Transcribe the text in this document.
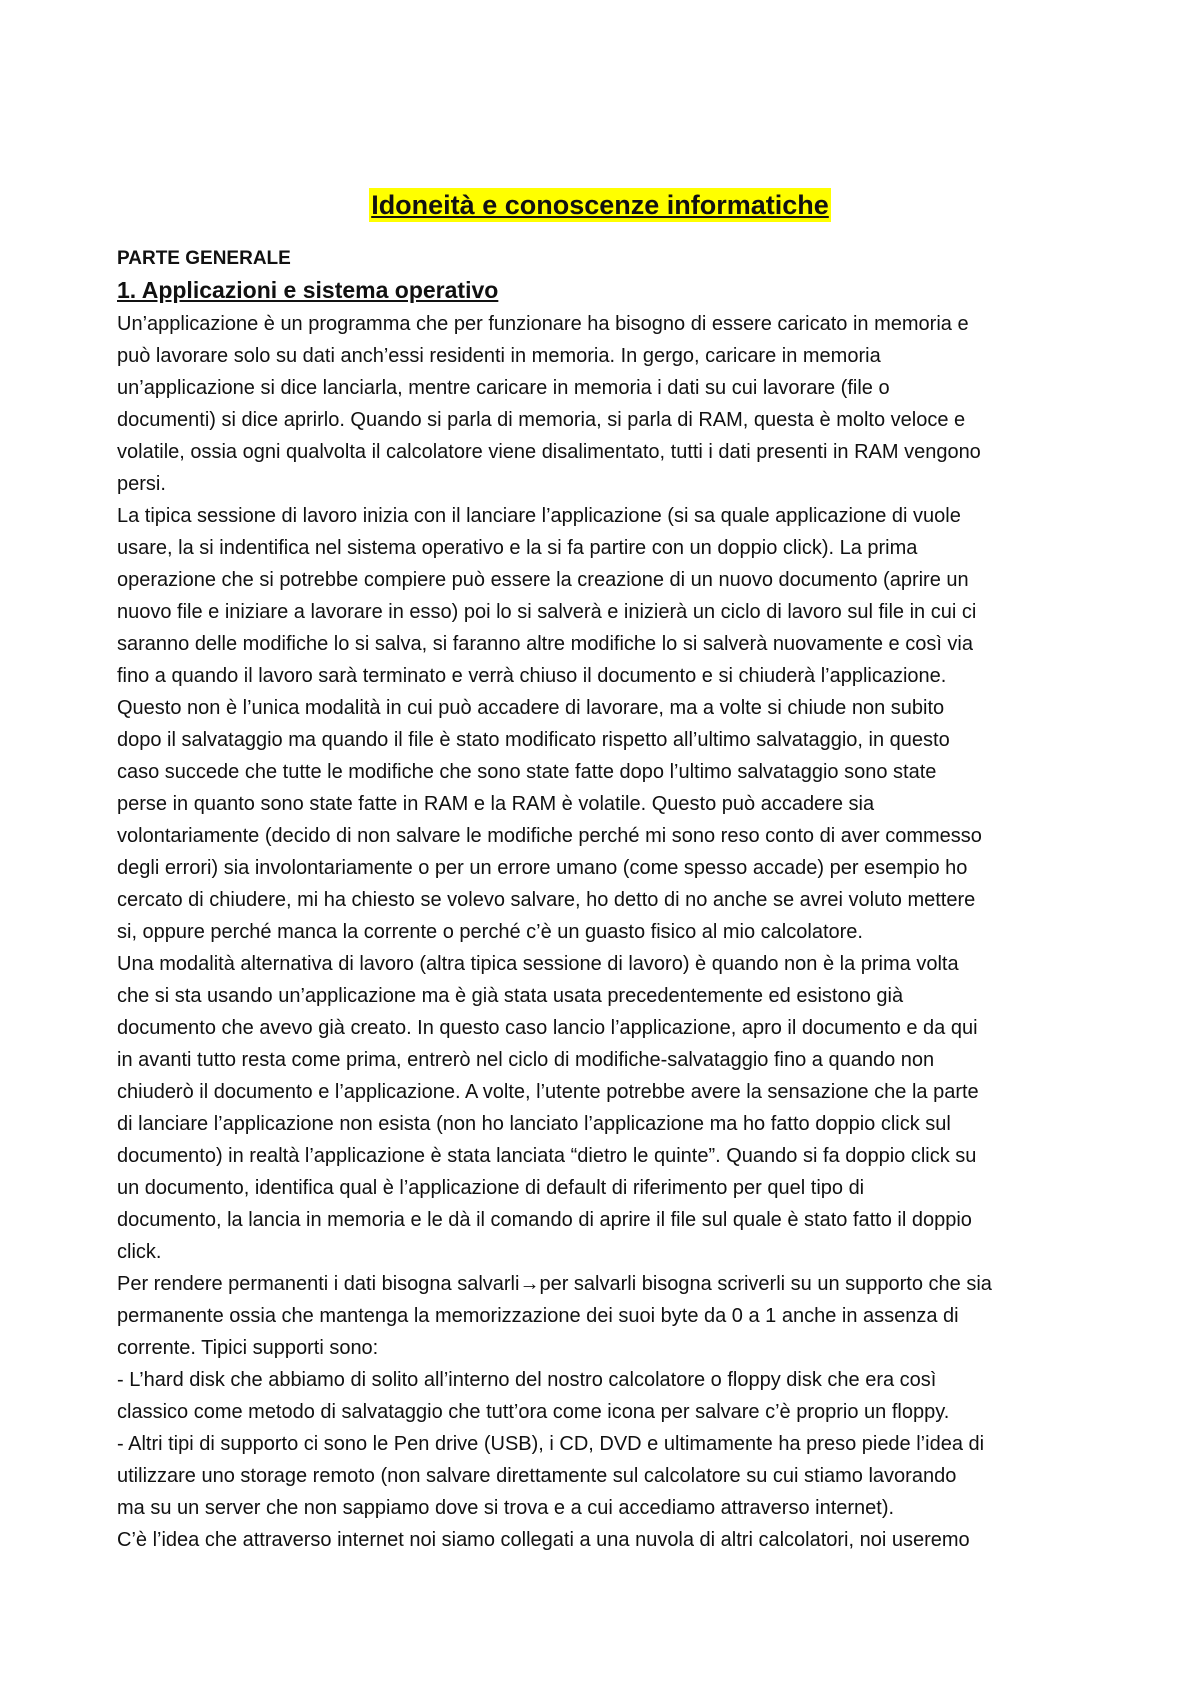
Idoneità e conoscenze informatiche

PARTE GENERALE

1. Applicazioni e sistema operativo

Un’applicazione è un programma che per funzionare ha bisogno di essere caricato in memoria e
può lavorare solo su dati anch’essi residenti in memoria. In gergo, caricare in memoria
un’applicazione si dice lanciarla, mentre caricare in memoria i dati su cui lavorare (file o
documenti) si dice aprirlo. Quando si parla di memoria, si parla di RAM, questa è molto veloce e
volatile, ossia ogni qualvolta il calcolatore viene disalimentato, tutti i dati presenti in RAM vengono
persi.

La tipica sessione di lavoro inizia con il lanciare l’applicazione (si sa quale applicazione di vuole
usare, la si indentifica nel sistema operativo e la si fa partire con un doppio click). La prima
operazione che si potrebbe compiere può essere la creazione di un nuovo documento (aprire un
nuovo file e iniziare a lavorare in esso) poi lo si salverà e inizierà un ciclo di lavoro sul file in cui ci
saranno delle modifiche lo si salva, si faranno altre modifiche lo si salverà nuovamente e così via
fino a quando il lavoro sarà terminato e verrà chiuso il documento e si chiuderà l’applicazione.
Questo non è l’unica modalità in cui può accadere di lavorare, ma a volte si chiude non subito
dopo il salvataggio ma quando il file è stato modificato rispetto all’ultimo salvataggio, in questo
caso succede che tutte le modifiche che sono state fatte dopo l’ultimo salvataggio sono state
perse in quanto sono state fatte in RAM e la RAM è volatile. Questo può accadere sia
volontariamente (decido di non salvare le modifiche perché mi sono reso conto di aver commesso
degli errori) sia involontariamente o per un errore umano (come spesso accade) per esempio ho
cercato di chiudere, mi ha chiesto se volevo salvare, ho detto di no anche se avrei voluto mettere
si, oppure perché manca la corrente o perché c’è un guasto fisico al mio calcolatore.

Una modalità alternativa di lavoro (altra tipica sessione di lavoro) è quando non è la prima volta
che si sta usando un’applicazione ma è già stata usata precedentemente ed esistono già
documento che avevo già creato. In questo caso lancio l’applicazione, apro il documento e da qui
in avanti tutto resta come prima, entrerò nel ciclo di modifiche-salvataggio fino a quando non
chiuderò il documento e l’applicazione. A volte, l’utente potrebbe avere la sensazione che la parte
di lanciare l’applicazione non esista (non ho lanciato l’applicazione ma ho fatto doppio click sul
documento) in realtà l’applicazione è stata lanciata “dietro le quinte”. Quando si fa doppio click su
un documento, identifica qual è l’applicazione di default di riferimento per quel tipo di
documento, la lancia in memoria e le dà il comando di aprire il file sul quale è stato fatto il doppio
click.

Per rendere permanenti i dati bisogna salvarli→per salvarli bisogna scriverli su un supporto che sia
permanente ossia che mantenga la memorizzazione dei suoi byte da 0 a 1 anche in assenza di
corrente. Tipici supporti sono:

- L’hard disk che abbiamo di solito all’interno del nostro calcolatore o floppy disk che era così
classico come metodo di salvataggio che tutt’ora come icona per salvare c’è proprio un floppy.

- Altri tipi di supporto ci sono le Pen drive (USB), i CD, DVD e ultimamente ha preso piede l’idea di
utilizzare uno storage remoto (non salvare direttamente sul calcolatore su cui stiamo lavorando
ma su un server che non sappiamo dove si trova e a cui accediamo attraverso internet).

C’è l’idea che attraverso internet noi siamo collegati a una nuvola di altri calcolatori, noi useremo
